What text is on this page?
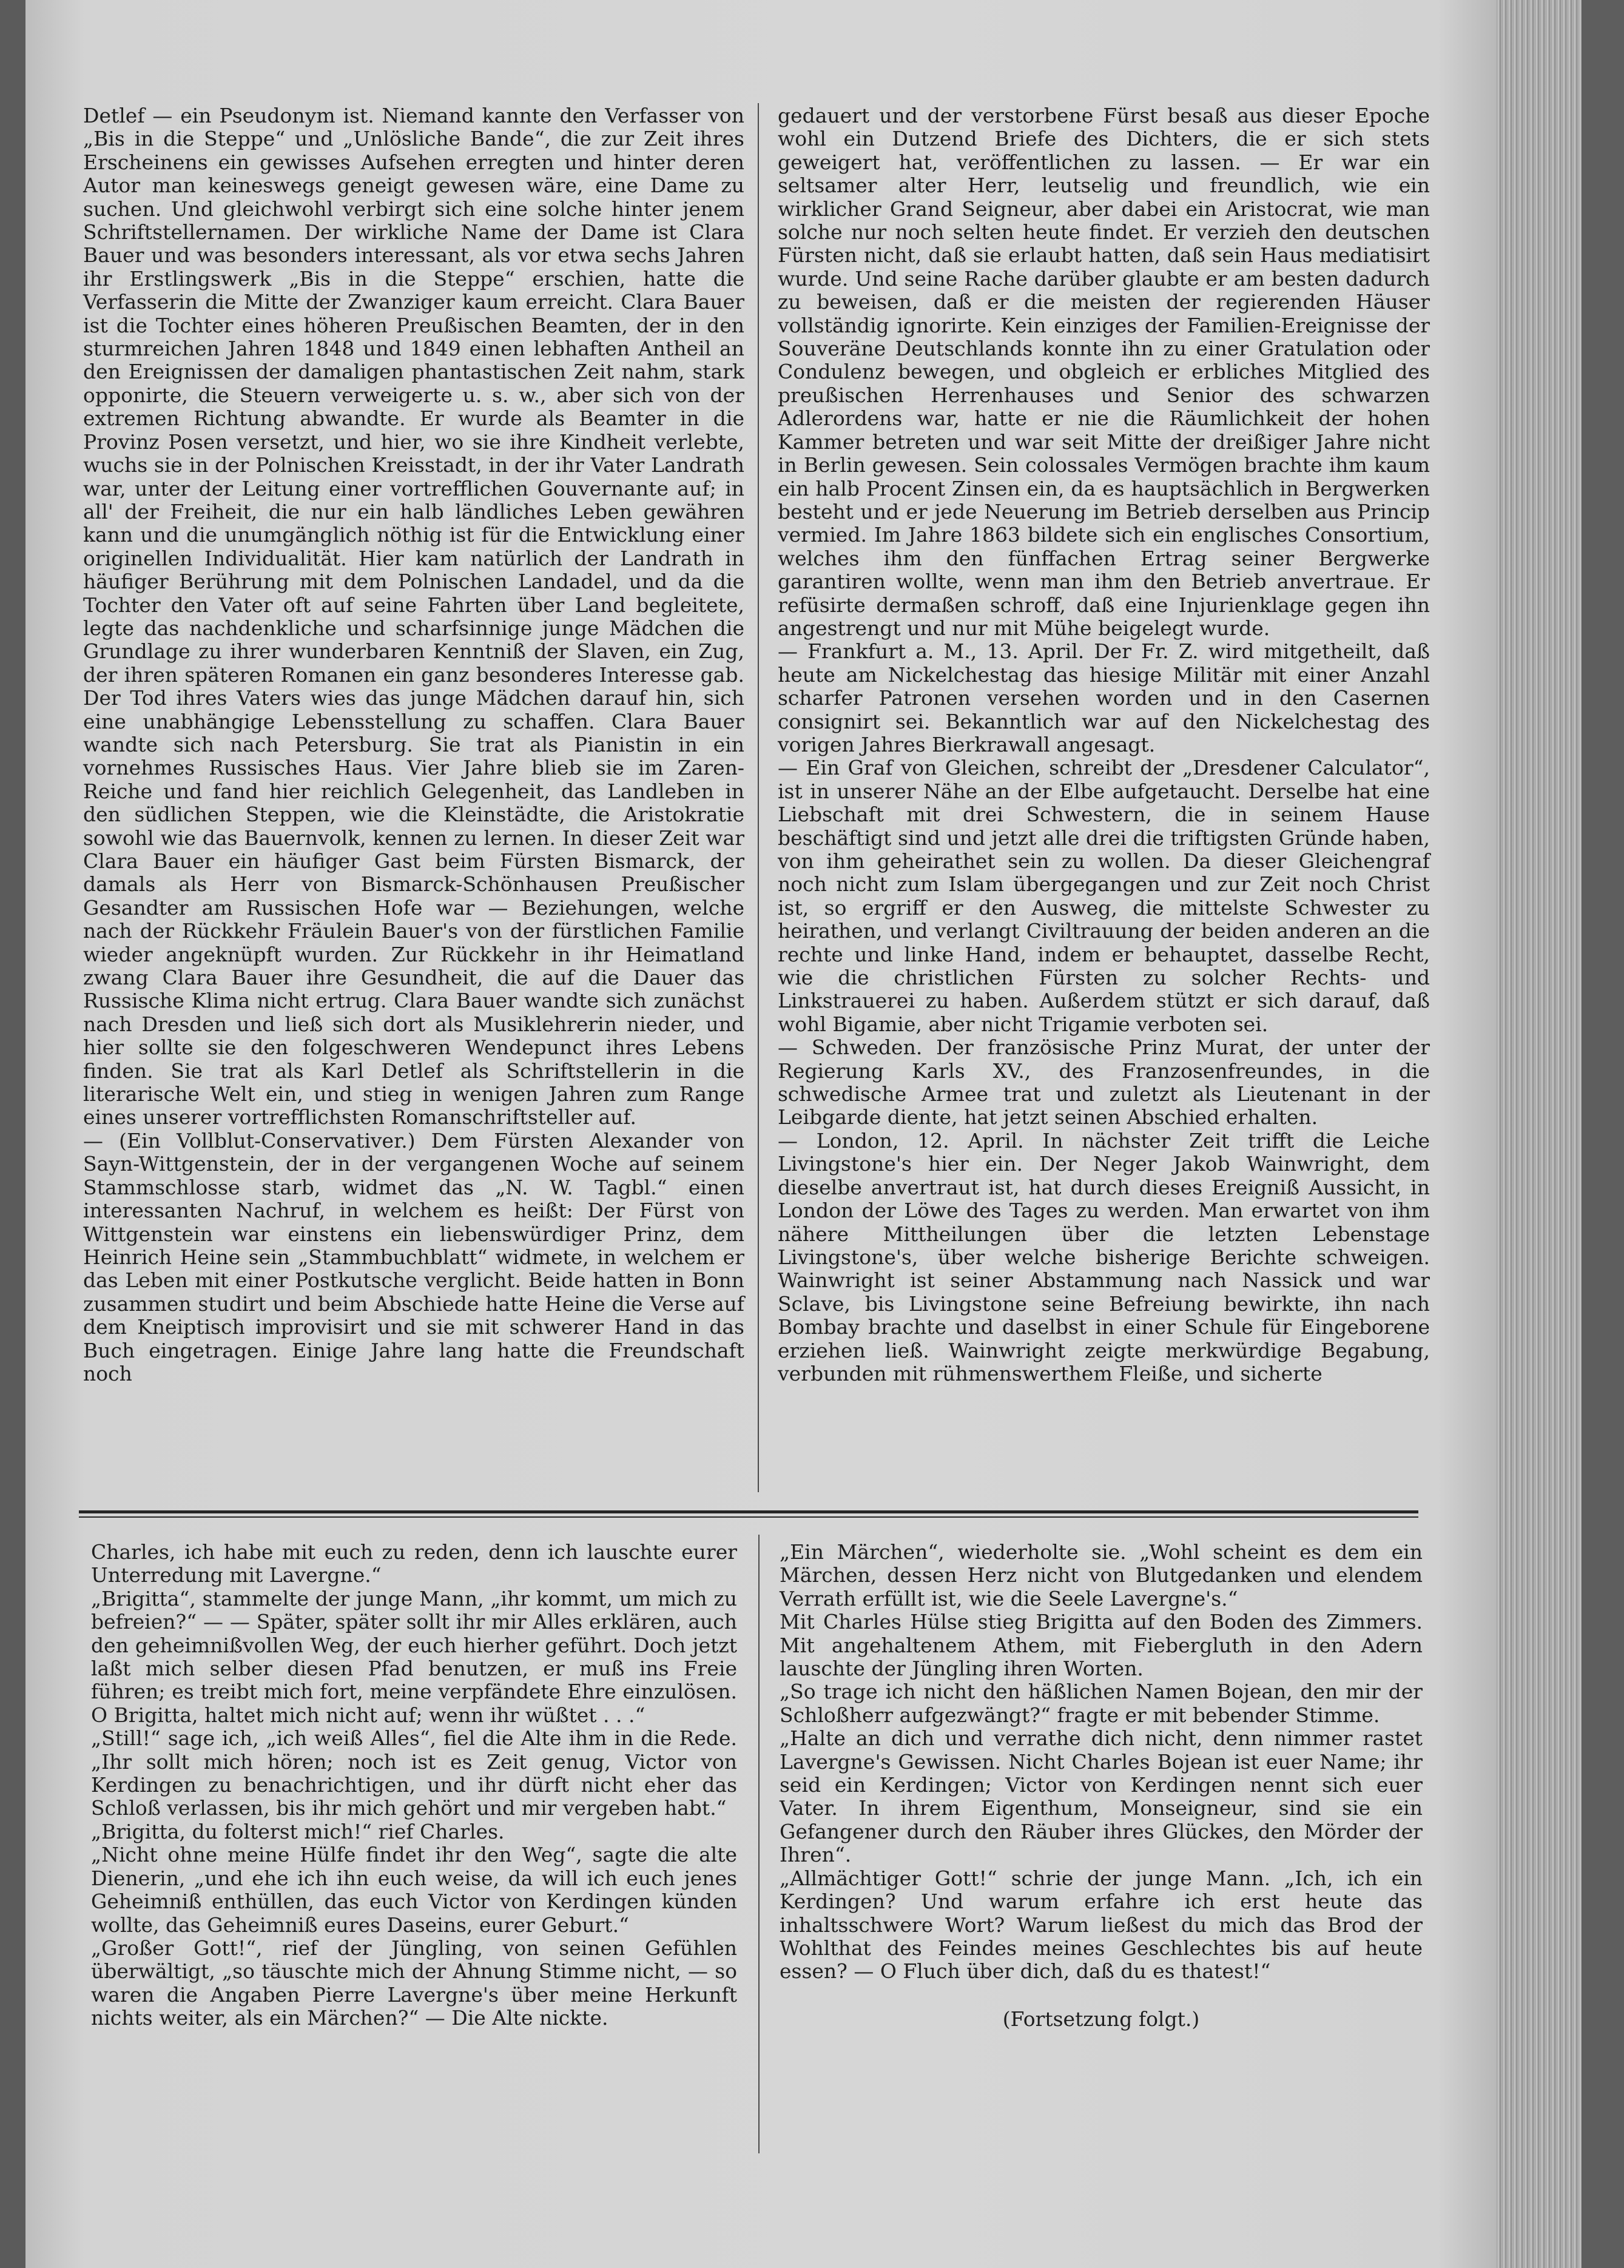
Detlef — ein Pseudonym ist. Niemand kannte den Verfasser von „Bis in die Steppe“ und „Unlösliche Bande“, die zur Zeit ihres Erscheinens ein gewisses Aufsehen erregten und hinter deren Autor man keineswegs geneigt gewesen wäre, eine Dame zu suchen. Und gleichwohl verbirgt sich eine solche hinter jenem Schriftstellernamen. Der wirkliche Name der Dame ist Clara Bauer und was besonders interessant, als vor etwa sechs Jahren ihr Erstlingswerk „Bis in die Steppe“ erschien, hatte die Verfasserin die Mitte der Zwanziger kaum erreicht. Clara Bauer ist die Tochter eines höheren Preußischen Beamten, der in den sturmreichen Jahren 1848 und 1849 einen lebhaften Antheil an den Ereignissen der damaligen phantastischen Zeit nahm, stark opponirte, die Steuern verweigerte u. s. w., aber sich von der extremen Richtung abwandte. Er wurde als Beamter in die Provinz Posen versetzt, und hier, wo sie ihre Kindheit verlebte, wuchs sie in der Polnischen Kreisstadt, in der ihr Vater Landrath war, unter der Leitung einer vortrefflichen Gouvernante auf; in all' der Freiheit, die nur ein halb ländliches Leben gewähren kann und die unumgänglich nöthig ist für die Entwicklung einer originellen Individualität. Hier kam natürlich der Landrath in häufiger Berührung mit dem Polnischen Landadel, und da die Tochter den Vater oft auf seine Fahrten über Land begleitete, legte das nachdenkliche und scharfsinnige junge Mädchen die Grundlage zu ihrer wunderbaren Kenntniß der Slaven, ein Zug, der ihren späteren Romanen ein ganz besonderes Interesse gab. Der Tod ihres Vaters wies das junge Mädchen darauf hin, sich eine unabhängige Lebensstellung zu schaffen. Clara Bauer wandte sich nach Petersburg. Sie trat als Pianistin in ein vornehmes Russisches Haus. Vier Jahre blieb sie im Zaren-Reiche und fand hier reichlich Gelegenheit, das Landleben in den südlichen Steppen, wie die Kleinstädte, die Aristokratie sowohl wie das Bauernvolk, kennen zu lernen. In dieser Zeit war Clara Bauer ein häufiger Gast beim Fürsten Bismarck, der damals als Herr von Bismarck-Schönhausen Preußischer Gesandter am Russischen Hofe war — Beziehungen, welche nach der Rückkehr Fräulein Bauer's von der fürstlichen Familie wieder angeknüpft wurden. Zur Rückkehr in ihr Heimatland zwang Clara Bauer ihre Gesundheit, die auf die Dauer das Russische Klima nicht ertrug. Clara Bauer wandte sich zunächst nach Dresden und ließ sich dort als Musiklehrerin nieder, und hier sollte sie den folgeschweren Wendepunct ihres Lebens finden. Sie trat als Karl Detlef als Schriftstellerin in die literarische Welt ein, und stieg in wenigen Jahren zum Range eines unserer vortrefflichsten Romanschriftsteller auf.

— (Ein Vollblut-Conservativer.) Dem Fürsten Alexander von Sayn-Wittgenstein, der in der vergangenen Woche auf seinem Stammschlosse starb, widmet das „N. W. Tagbl.“ einen interessanten Nachruf, in welchem es heißt: Der Fürst von Wittgenstein war einstens ein liebenswürdiger Prinz, dem Heinrich Heine sein „Stammbuchblatt“ widmete, in welchem er das Leben mit einer Postkutsche verglicht. Beide hatten in Bonn zusammen studirt und beim Abschiede hatte Heine die Verse auf dem Kneiptisch improvisirt und sie mit schwerer Hand in das Buch eingetragen. Einige Jahre lang hatte die Freundschaft noch

gedauert und der verstorbene Fürst besaß aus dieser Epoche wohl ein Dutzend Briefe des Dichters, die er sich stets geweigert hat, veröffentlichen zu lassen. — Er war ein seltsamer alter Herr, leutselig und freundlich, wie ein wirklicher Grand Seigneur, aber dabei ein Aristocrat, wie man solche nur noch selten heute findet. Er verzieh den deutschen Fürsten nicht, daß sie erlaubt hatten, daß sein Haus mediatisirt wurde. Und seine Rache darüber glaubte er am besten dadurch zu beweisen, daß er die meisten der regierenden Häuser vollständig ignorirte. Kein einziges der Familien-Ereignisse der Souveräne Deutschlands konnte ihn zu einer Gratulation oder Condulenz bewegen, und obgleich er erbliches Mitglied des preußischen Herrenhauses und Senior des schwarzen Adlerordens war, hatte er nie die Räumlichkeit der hohen Kammer betreten und war seit Mitte der dreißiger Jahre nicht in Berlin gewesen. Sein colossales Vermögen brachte ihm kaum ein halb Procent Zinsen ein, da es hauptsächlich in Bergwerken besteht und er jede Neuerung im Betrieb derselben aus Princip vermied. Im Jahre 1863 bildete sich ein englisches Consortium, welches ihm den fünffachen Ertrag seiner Bergwerke garantiren wollte, wenn man ihm den Betrieb anvertraue. Er refüsirte dermaßen schroff, daß eine Injurienklage gegen ihn angestrengt und nur mit Mühe beigelegt wurde.

— Frankfurt a. M., 13. April. Der Fr. Z. wird mitgetheilt, daß heute am Nickelchestag das hiesige Militär mit einer Anzahl scharfer Patronen versehen worden und in den Casernen consignirt sei. Bekanntlich war auf den Nickelchestag des vorigen Jahres Bierkrawall angesagt.

— Ein Graf von Gleichen, schreibt der „Dresdener Calculator“, ist in unserer Nähe an der Elbe aufgetaucht. Derselbe hat eine Liebschaft mit drei Schwestern, die in seinem Hause beschäftigt sind und jetzt alle drei die triftigsten Gründe haben, von ihm geheirathet sein zu wollen. Da dieser Gleichengraf noch nicht zum Islam übergegangen und zur Zeit noch Christ ist, so ergriff er den Ausweg, die mittelste Schwester zu heirathen, und verlangt Civiltrauung der beiden anderen an die rechte und linke Hand, indem er behauptet, dasselbe Recht, wie die christlichen Fürsten zu solcher Rechts- und Linkstrauerei zu haben. Außerdem stützt er sich darauf, daß wohl Bigamie, aber nicht Trigamie verboten sei.

— Schweden. Der französische Prinz Murat, der unter der Regierung Karls XV., des Franzosenfreundes, in die schwedische Armee trat und zuletzt als Lieutenant in der Leibgarde diente, hat jetzt seinen Abschied erhalten.

— London, 12. April. In nächster Zeit trifft die Leiche Livingstone's hier ein. Der Neger Jakob Wainwright, dem dieselbe anvertraut ist, hat durch dieses Ereigniß Aussicht, in London der Löwe des Tages zu werden. Man erwartet von ihm nähere Mittheilungen über die letzten Lebenstage Livingstone's, über welche bisherige Berichte schweigen. Wainwright ist seiner Abstammung nach Nassick und war Sclave, bis Livingstone seine Befreiung bewirkte, ihn nach Bombay brachte und daselbst in einer Schule für Eingeborene erziehen ließ. Wainwright zeigte merkwürdige Begabung, verbunden mit rühmenswerthem Fleiße, und sicherte

Charles, ich habe mit euch zu reden, denn ich lauschte eurer Unterredung mit Lavergne.“

„Brigitta“, stammelte der junge Mann, „ihr kommt, um mich zu befreien?“ — — Später, später sollt ihr mir Alles erklären, auch den geheimnißvollen Weg, der euch hierher geführt. Doch jetzt laßt mich selber diesen Pfad benutzen, er muß ins Freie führen; es treibt mich fort, meine verpfändete Ehre einzulösen. O Brigitta, haltet mich nicht auf; wenn ihr wüßtet . . .“

„Still!“ sage ich, „ich weiß Alles“, fiel die Alte ihm in die Rede. „Ihr sollt mich hören; noch ist es Zeit genug, Victor von Kerdingen zu benachrichtigen, und ihr dürft nicht eher das Schloß verlassen, bis ihr mich gehört und mir vergeben habt.“

„Brigitta, du folterst mich!“ rief Charles.

„Nicht ohne meine Hülfe findet ihr den Weg“, sagte die alte Dienerin, „und ehe ich ihn euch weise, da will ich euch jenes Geheimniß enthüllen, das euch Victor von Kerdingen künden wollte, das Geheimniß eures Daseins, eurer Geburt.“

„Großer Gott!“, rief der Jüngling, von seinen Gefühlen überwältigt, „so täuschte mich der Ahnung Stimme nicht, — so waren die Angaben Pierre Lavergne's über meine Herkunft nichts weiter, als ein Märchen?“ — Die Alte nickte.

„Ein Märchen“, wiederholte sie. „Wohl scheint es dem ein Märchen, dessen Herz nicht von Blutgedanken und elendem Verrath erfüllt ist, wie die Seele Lavergne's.“

Mit Charles Hülse stieg Brigitta auf den Boden des Zimmers. Mit angehaltenem Athem, mit Fiebergluth in den Adern lauschte der Jüngling ihren Worten.

„So trage ich nicht den häßlichen Namen Bojean, den mir der Schloßherr aufgezwängt?“ fragte er mit bebender Stimme.

„Halte an dich und verrathe dich nicht, denn nimmer rastet Lavergne's Gewissen. Nicht Charles Bojean ist euer Name; ihr seid ein Kerdingen; Victor von Kerdingen nennt sich euer Vater. In ihrem Eigenthum, Monseigneur, sind sie ein Gefangener durch den Räuber ihres Glückes, den Mörder der Ihren“.

„Allmächtiger Gott!“ schrie der junge Mann. „Ich, ich ein Kerdingen? Und warum erfahre ich erst heute das inhaltsschwere Wort? Warum ließest du mich das Brod der Wohlthat des Feindes meines Geschlechtes bis auf heute essen? — O Fluch über dich, daß du es thatest!“

(Fortsetzung folgt.)
